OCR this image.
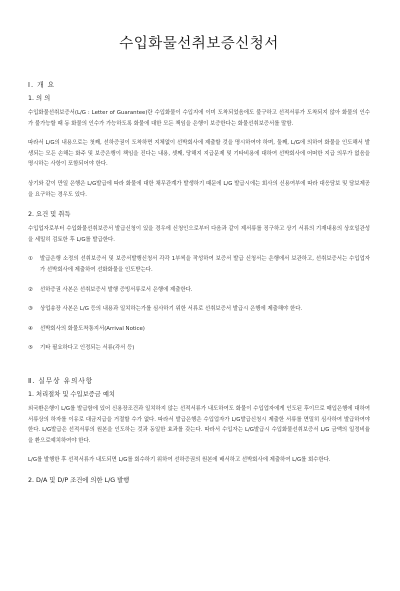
수입화물선취보증신청서
Ⅰ. 개 요
1. 의 의

수입화물선취보증서(L/G : Letter of Guarantee)란 수입화물이 수입지에 이미 도착되었음에도 불구하고 선적서류가 도착되지 않아 화물의 인수가 불가능할 때 동 화물의 인수가 가능하도록 화물에 대한 모든 책임을 은행이 보증한다는 화물선취보증서를 말함.

따라서 L/G의 내용으로는 첫째, 선하증권이 도착하면 지체없이 선박회사에 제출할 것을 명시하여야 하며, 둘째, L/G에 의하여 화물을 인도해서 발생되는 모든 손해는 화주 및 보증은행이 책임을 진다는 내용, 셋째, 당해지 지급문제 및 기타비용에 대하여 선박회사에 어떠한 지급 의무가 없음을 명시하는 사항이 포함되어야 한다.

상기와 같이 만일 은행은 L/G발급에 따라 화물에 대한 채무관계가 발생하기 때문에 L/G 발급시에는 회사의 신용여부에 따라 대응담보 및 담보제공을 요구하는 경우도 있다.

2. 요건 및 취득

수입업자로부터 수입화물선취보증서 발급신청이 있을 경우에 신청인으로부터 다음과 같이 제서류를 징구하고 상기 서류의 기재내용의 상호일관성을 세밀히 검토한 후 L/G를 발급한다.

①	발급은행 소정의 선취보증서 및 보증서발행신청서 각각 1부씩을 작성하여 보증서 발급 신청서는 은행에서 보관하고, 선취보증서는 수입업자가 선박회사에 제출하여 선화화물을 인도받는다.
②	선하증권 사본은 선취보증서 발행 증빙서류로서 은행에 제출한다.
③	상업송장 사본은 L/G 등의 내용과 일치하는가를 심사하기 위한 서류로 선취보증서 발급시 은행에 제출해야 한다.
④	선박회사의 화물도착통지서(Arrival Notice)
⑤	기타 필요하다고 인정되는 서류(각서 등)
Ⅱ. 실무상 유의사항
1. 처리절차 및 수입보증금 예치

외국환은행이 L/G를 발급함에 있어 신용장조건과 일치하지 않는 선적서류가 내도하여도 화물이 수입업자에게 인도된 후이므로 매입은행에 대하여 서류상의 하자를 이유로 대금지급을 거절할 수가 없다. 따라서 발급은행은 수입업자가 L/G발급신청시 제출한 서류를 면밀히 심사하여 발급하여야 한다. L/G발급은 선적서류의 원본을 인도하는 것과 동일한 효과를 갖는다. 따라서 수입자는 L/G발급시 수입화물선취보증서 L/G 금액의 일정비율을 환으로예치하여야 한다.

L/G를 발행한 후 선적서류가 내도되면 L/G를 회수하기 위하여 선하증권의 원본에 배서하고 선박회사에 제출하여 L/G를 회수한다.

2. D/A 및 D/P 조건에 의한 L/G 발행
